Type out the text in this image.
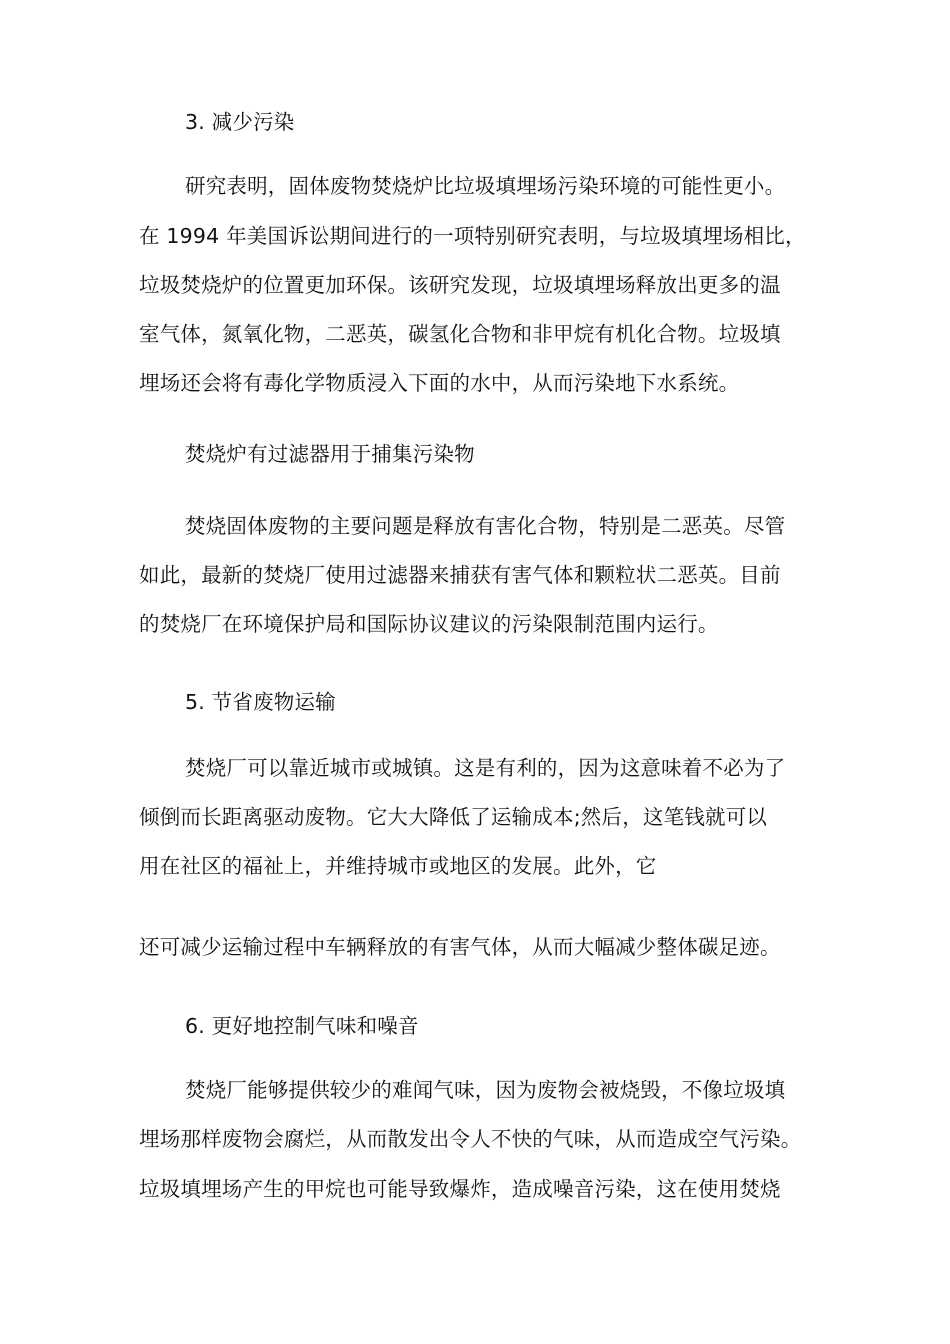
3. 减少污染
研究表明，固体废物焚烧炉比垃圾填埋场污染环境的可能性更小。
在 1994 年美国诉讼期间进行的一项特别研究表明，与垃圾填埋场相比，
垃圾焚烧炉的位置更加环保。该研究发现，垃圾填埋场释放出更多的温
室气体，氮氧化物，二恶英，碳氢化合物和非甲烷有机化合物。垃圾填
埋场还会将有毒化学物质浸入下面的水中，从而污染地下水系统。
焚烧炉有过滤器用于捕集污染物
焚烧固体废物的主要问题是释放有害化合物，特别是二恶英。尽管
如此，最新的焚烧厂使用过滤器来捕获有害气体和颗粒状二恶英。目前
的焚烧厂在环境保护局和国际协议建议的污染限制范围内运行。
5. 节省废物运输
焚烧厂可以靠近城市或城镇。这是有利的，因为这意味着不必为了
倾倒而长距离驱动废物。它大大降低了运输成本;然后，这笔钱就可以
用在社区的福祉上，并维持城市或地区的发展。此外，它
还可减少运输过程中车辆释放的有害气体，从而大幅减少整体碳足迹。
6. 更好地控制气味和噪音
焚烧厂能够提供较少的难闻气味，因为废物会被烧毁，不像垃圾填
埋场那样废物会腐烂，从而散发出令人不快的气味，从而造成空气污染。
垃圾填埋场产生的甲烷也可能导致爆炸，造成噪音污染，这在使用焚烧
